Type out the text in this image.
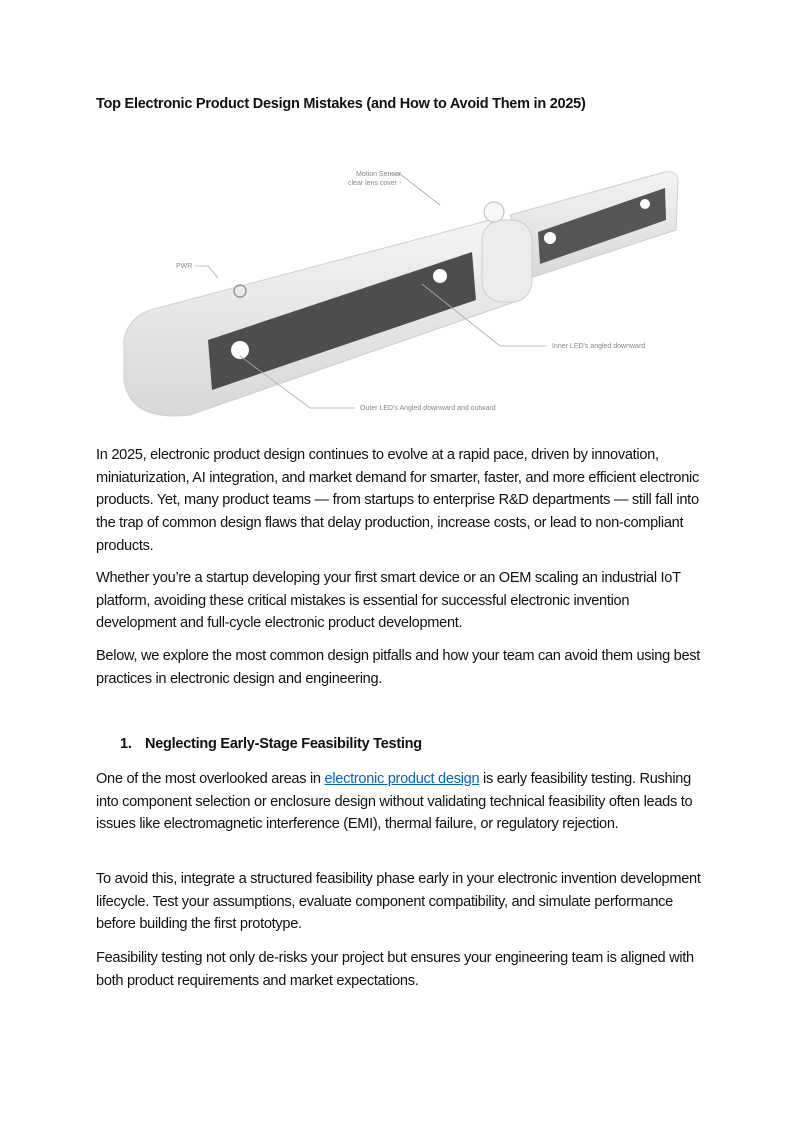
Top Electronic Product Design Mistakes (and How to Avoid Them in 2025)
Motion Sensor
clear lens cover -
PWR
Inner LED's angled downward
Outer LED's Angled downward and outward

In 2025, electronic product design continues to evolve at a rapid pace, driven by innovation, miniaturization, AI integration, and market demand for smarter, faster, and more efficient electronic products. Yet, many product teams — from startups to enterprise R&D departments — still fall into the trap of common design flaws that delay production, increase costs, or lead to non-compliant products.

Whether you’re a startup developing your first smart device or an OEM scaling an industrial IoT platform, avoiding these critical mistakes is essential for successful electronic invention development and full-cycle electronic product development.

Below, we explore the most common design pitfalls and how your team can avoid them using best practices in electronic design and engineering.

1. Neglecting Early-Stage Feasibility Testing

One of the most overlooked areas in electronic product design is early feasibility testing. Rushing into component selection or enclosure design without validating technical feasibility often leads to issues like electromagnetic interference (EMI), thermal failure, or regulatory rejection.

To avoid this, integrate a structured feasibility phase early in your electronic invention development lifecycle. Test your assumptions, evaluate component compatibility, and simulate performance before building the first prototype.

Feasibility testing not only de-risks your project but ensures your engineering team is aligned with both product requirements and market expectations.
